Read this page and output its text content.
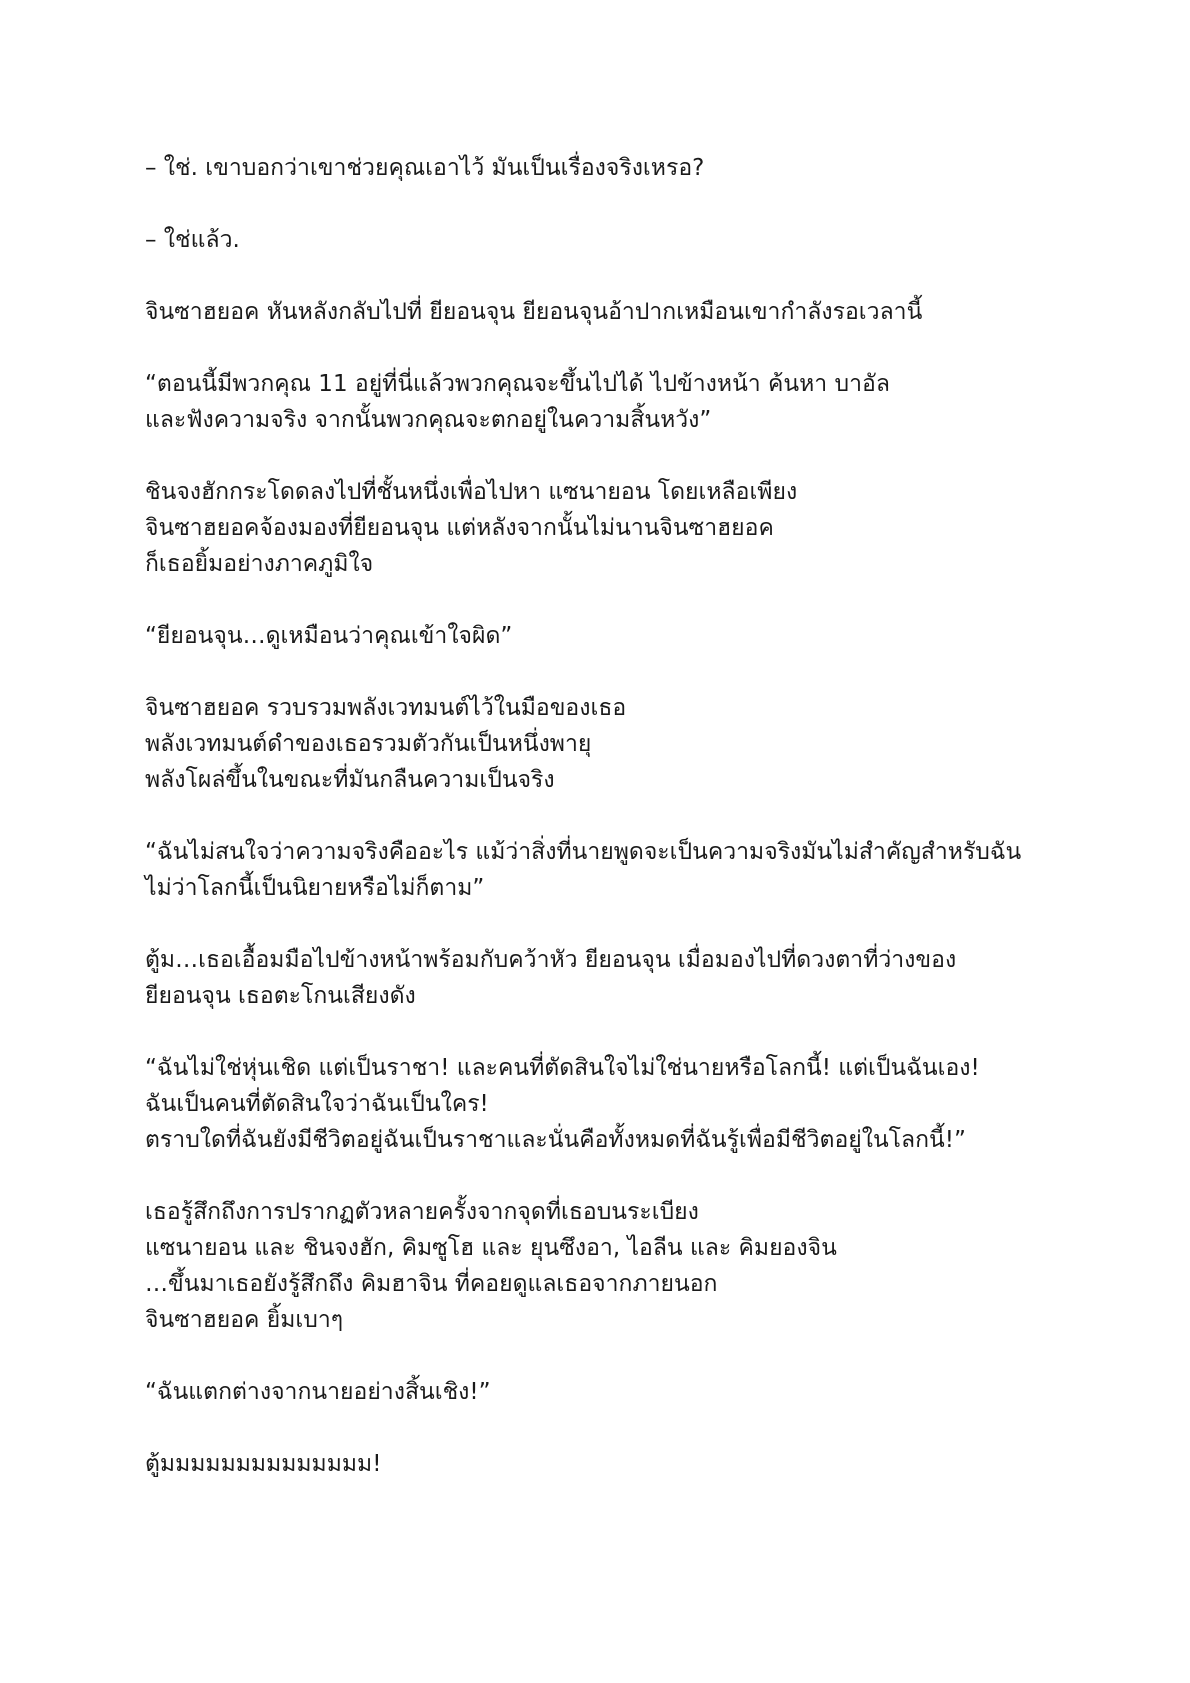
– ใช่. เขาบอกว่าเขาช่วยคุณเอาไว้ มันเป็นเรื่องจริงเหรอ?

– ใช่แล้ว.

จินซาฮยอค หันหลังกลับไปที่ ยียอนจุน ยียอนจุนอ้าปากเหมือนเขากำลังรอเวลานี้

“ตอนนี้มีพวกคุณ 11 อยู่ที่นี่แล้วพวกคุณจะขึ้นไปได้ ไปข้างหน้า ค้นหา บาอัล
และฟังความจริง จากนั้นพวกคุณจะตกอยู่ในความสิ้นหวัง”

ชินจงฮักกระโดดลงไปที่ชั้นหนึ่งเพื่อไปหา แซนายอน โดยเหลือเพียง
จินซาฮยอคจ้องมองที่ยียอนจุน แต่หลังจากนั้นไม่นานจินซาฮยอค
ก็เธอยิ้มอย่างภาคภูมิใจ

“ยียอนจุน…ดูเหมือนว่าคุณเข้าใจผิด”

จินซาฮยอค รวบรวมพลังเวทมนต์ไว้ในมือของเธอ
พลังเวทมนต์ดำของเธอรวมตัวกันเป็นหนึ่งพายุ
พลังโผล่ขึ้นในขณะที่มันกลืนความเป็นจริง

“ฉันไม่สนใจว่าความจริงคืออะไร แม้ว่าสิ่งที่นายพูดจะเป็นความจริงมันไม่สำคัญสำหรับฉัน
ไม่ว่าโลกนี้เป็นนิยายหรือไม่ก็ตาม”

ตู้ม…เธอเอื้อมมือไปข้างหน้าพร้อมกับคว้าหัว ยียอนจุน เมื่อมองไปที่ดวงตาที่ว่างของ
ยียอนจุน เธอตะโกนเสียงดัง

“ฉันไม่ใช่หุ่นเชิด แต่เป็นราชา! และคนที่ตัดสินใจไม่ใช่นายหรือโลกนี้! แต่เป็นฉันเอง!
ฉันเป็นคนที่ตัดสินใจว่าฉันเป็นใคร!
ตราบใดที่ฉันยังมีชีวิตอยู่ฉันเป็นราชาและนั่นคือทั้งหมดที่ฉันรู้เพื่อมีชีวิตอยู่ในโลกนี้!”

เธอรู้สึกถึงการปรากฏตัวหลายครั้งจากจุดที่เธอบนระเบียง
แซนายอน และ ชินจงฮัก, คิมซูโฮ และ ยุนซึงอา, ไอลีน และ คิมยองจิน
…ขึ้นมาเธอยังรู้สึกถึง คิมฮาจิน ที่คอยดูแลเธอจากภายนอก
จินซาฮยอค ยิ้มเบาๆ

“ฉันแตกต่างจากนายอย่างสิ้นเชิง!”

ตู้มมมมมมมมมมมมมม!
